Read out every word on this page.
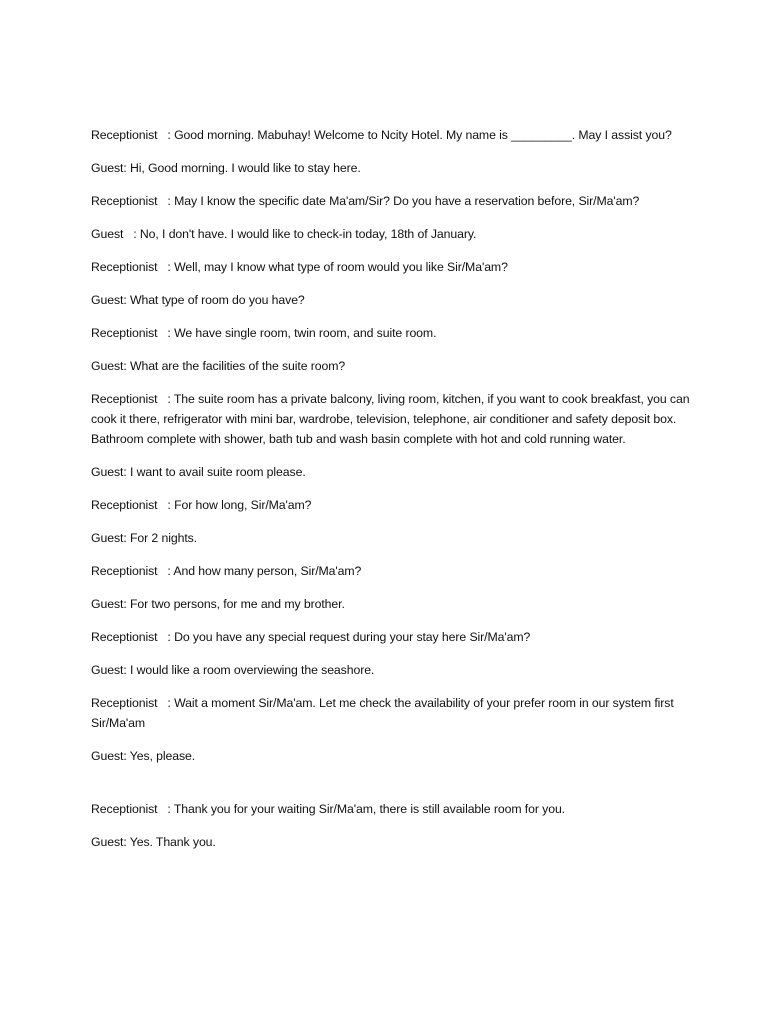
Receptionist   : Good morning. Mabuhay! Welcome to Ncity Hotel. My name is _________. May I assist you?

Guest: Hi, Good morning. I would like to stay here.

Receptionist   : May I know the specific date Ma'am/Sir? Do you have a reservation before, Sir/Ma'am?

Guest   : No, I don't have. I would like to check-in today, 18th of January.

Receptionist   : Well, may I know what type of room would you like Sir/Ma'am?

Guest: What type of room do you have?

Receptionist   : We have single room, twin room, and suite room.

Guest: What are the facilities of the suite room?

Receptionist   : The suite room has a private balcony, living room, kitchen, if you want to cook breakfast, you can cook it there, refrigerator with mini bar, wardrobe, television, telephone, air conditioner and safety deposit box. Bathroom complete with shower, bath tub and wash basin complete with hot and cold running water.

Guest: I want to avail suite room please.

Receptionist   : For how long, Sir/Ma'am?

Guest: For 2 nights.

Receptionist   : And how many person, Sir/Ma'am?

Guest: For two persons, for me and my brother.

Receptionist   : Do you have any special request during your stay here Sir/Ma'am?

Guest: I would like a room overviewing the seashore.

Receptionist   : Wait a moment Sir/Ma'am. Let me check the availability of your prefer room in our system first Sir/Ma'am

Guest: Yes, please.

Receptionist   : Thank you for your waiting Sir/Ma'am, there is still available room for you.

Guest: Yes. Thank you.
